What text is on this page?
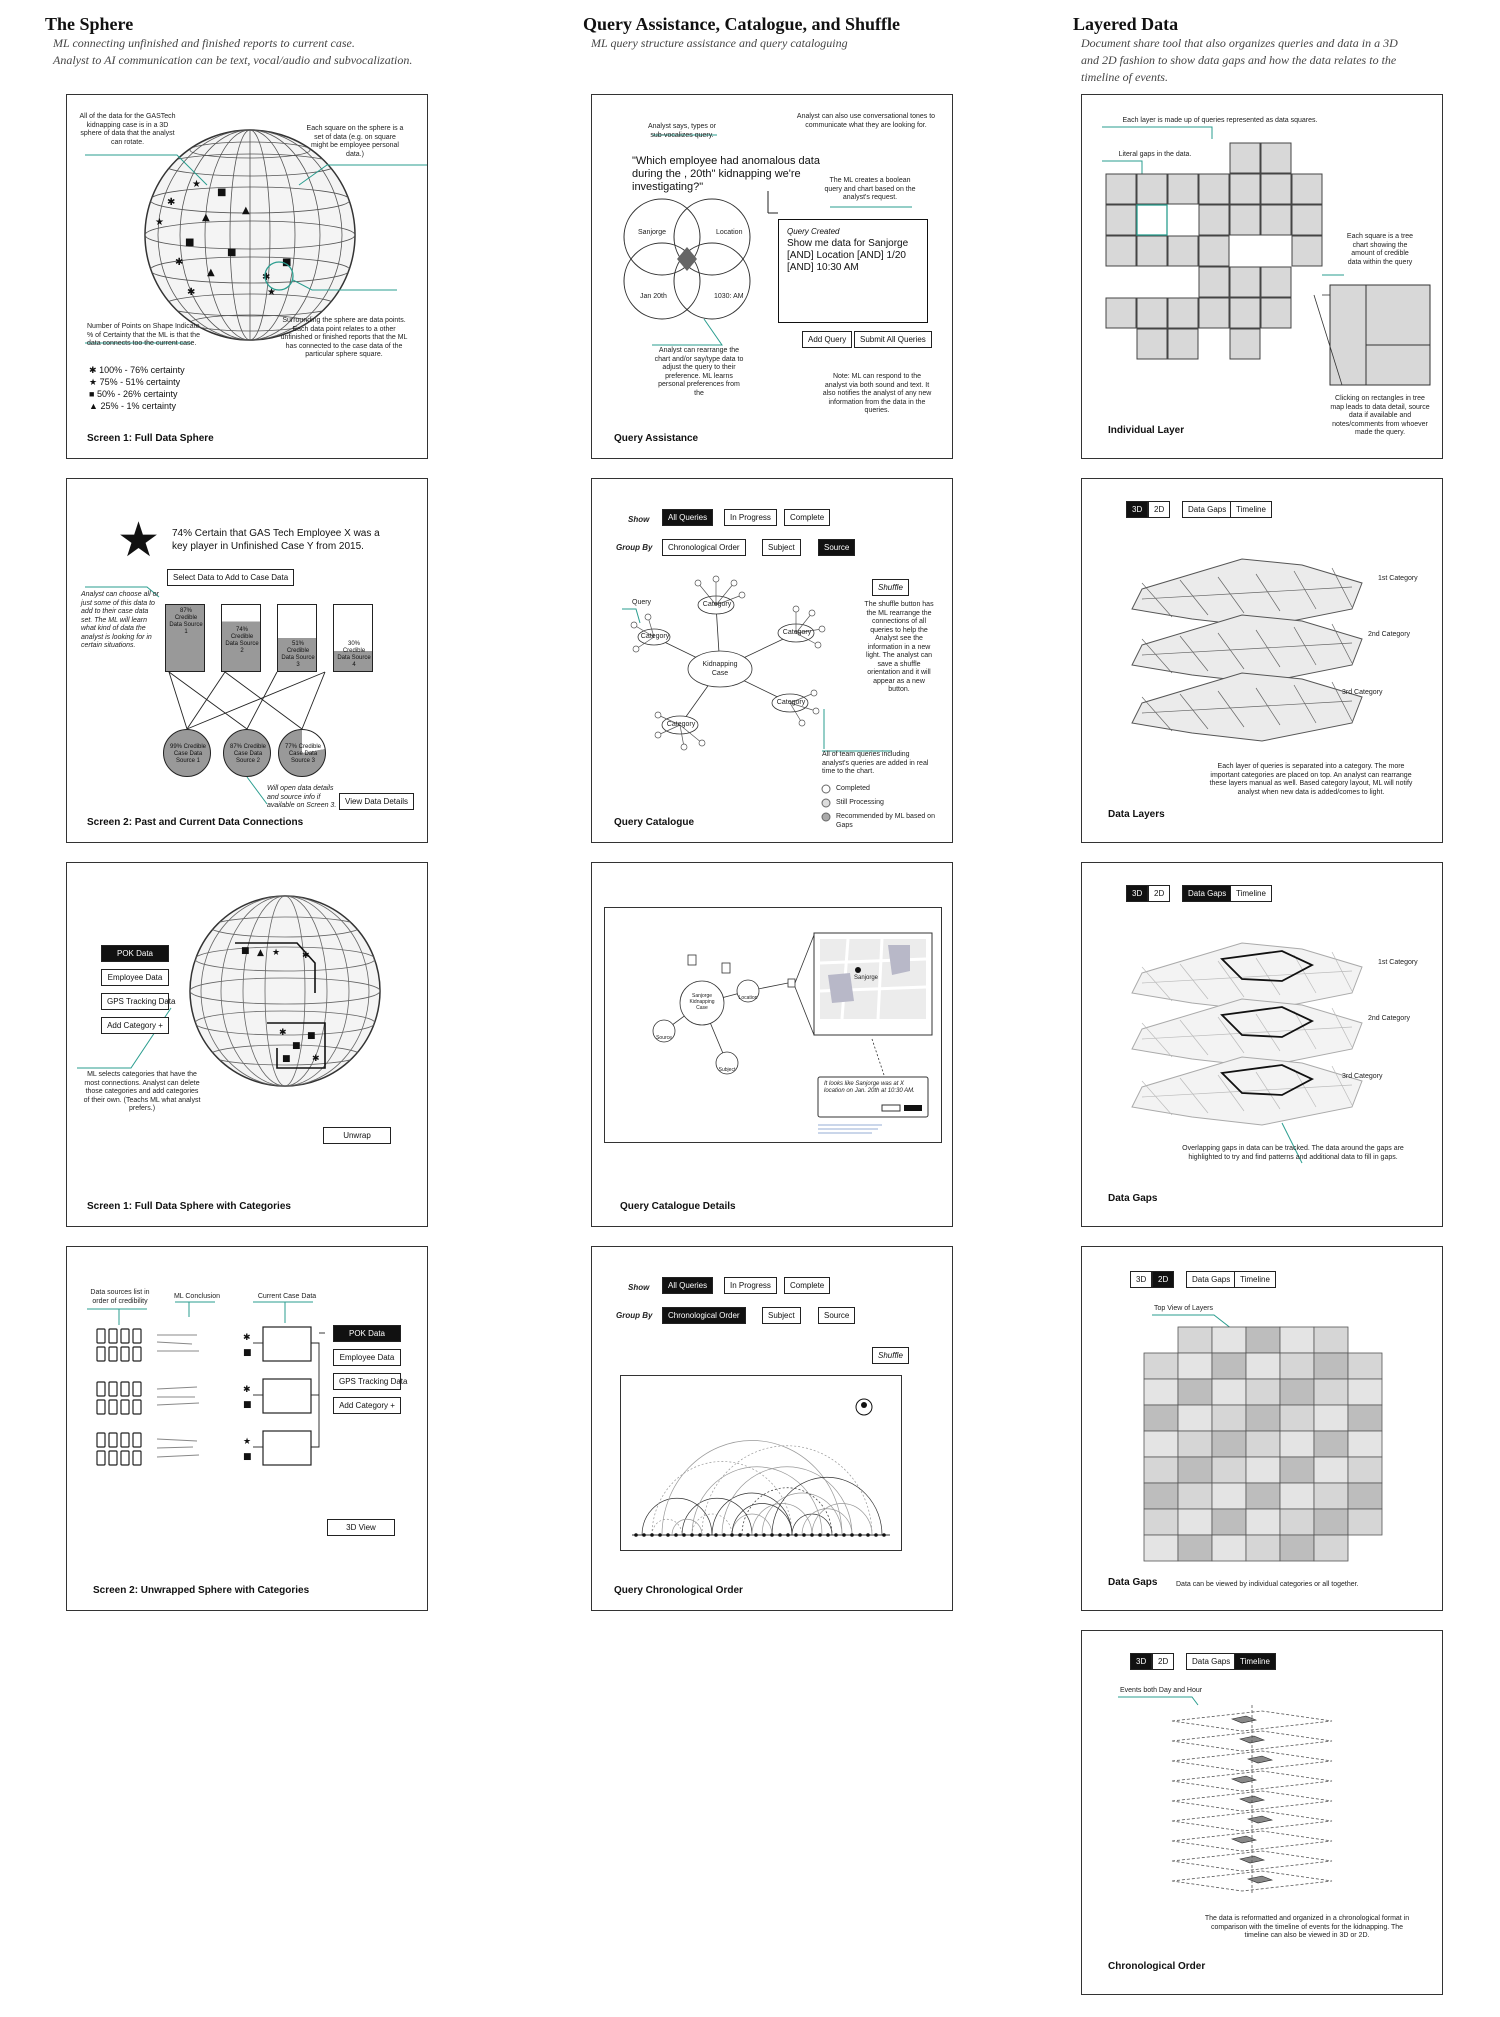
The Sphere
ML connecting unfinished and finished reports to current case.
Analyst to AI communication can be text, vocal/audio and subvocalization.
Query Assistance, Catalogue, and Shuffle
ML query structure assistance and query cataloguing
Layered Data
Document share tool that also organizes queries and data in a 3D
and 2D fashion to show data gaps and how the data relates to the
timeline of events.
✱
★
■
✱
▲
■
★
■
▲	✱
★
■
✱
▲
All of the data for the GASTech kidnapping case is in a 3D sphere of data that the analyst can rotate.
Each square on the sphere is a set of data (e.g. on square might be employee personal data.)
Surrounding the sphere are data points. Each data point relates to a other unfinished or finished reports that the ML has connected to the case data of the particular sphere square.
Number of Points on Shape Indicate % of Certainty that the ML is that the data connects too the current case.
✱ 100% - 76% certainty
★ 75% - 51% certainty
■ 50% - 26% certainty
▲ 25% - 1% certainty
Screen 1: Full Data Sphere
★ 74% Certain that GAS Tech Employee X was a key player in Unfinished Case Y from 2015.
Select Data to Add to Case Data
Analyst can choose all or just some of this data to add to their case data set. The ML will learn what kind of data the analyst is looking for in certain situations.
87% Credible Data Source 1	74% Credible Data Source 2
51% Credible Data Source 3
30% Credible Data Source 4
99% Credible Case Data Source 1
87% Credible Case Data Source 2
77% Credible Case Data Source 3
Will open data details and source info if available on Screen 3.	View Data Details
Screen 2: Past and Current Data Connections
■ ▲ ★ ✱
✱
■
■
■ ✱
POK Data
Employee Data
GPS Tracking Data
Add Category +
ML selects categories that have the most connections. Analyst can delete those categories and add categories of their own. (Teachs ML what analyst prefers.)
Unwrap
Screen 1: Full Data Sphere with Categories
✱
■
✱
■
★
■
Data sources list in order of credibility
ML Conclusion	Current Case Data
POK Data
Employee Data
GPS Tracking Data
Add Category +
3D View
Screen 2: Unwrapped Sphere with Categories
Analyst says, types or sub-vocalizes query.
Analyst can also use conversational tones to communicate what they are looking for.
"Which employee had anomalous data during the , 20th" kidnapping we're investigating?"
The ML creates a boolean query and chart based on the analyst's request.
Sanjorge	Location
Jan 20th	1030: AM
Query Created
Show me data for Sanjorge
[AND] Location [AND] 1/20
[AND] 10:30 AM
Add Query	Submit All Queries
Analyst can rearrange the chart and/or say/type data to adjust the query to their preference. ML learns personal preferences from the
Note: ML can respond to the analyst via both sound and text. It also notifies the analyst of any new information from the data in the queries.
Query Assistance
Show	All Queries	In Progress	Complete
Group By	Chronological Order	Subject	Source
Shuffle
The shuffle button has the ML rearrange the connections of all queries to help the Analyst see the information in a new light. The analyst can save a shuffle orientation and it will appear as a new button.
Query
Kidnapping Case
Category
Category
Category
Category
Category
All of team queries including analyst's queries are added in real time to the chart.
Completed
Still Processing
Recommended by ML based on Gaps
Query Catalogue
Sanjorge Kidnapping Case
Source
Subject
Location
Sanjorge
It looks like Sanjorge was at X location on Jan. 20th at 10:30 AM.
Query Catalogue Details
Show	All Queries	In Progress	Complete
Group By	Chronological Order	Subject	Source
Shuffle
Query Chronological Order
Each layer is made up of queries represented as data squares.
Literal gaps in the data.
Each square is a tree chart showing the amount of credible data within the query
Clicking on rectangles in tree map leads to data detail, source data if available and notes/comments from whoever made the query.
Individual Layer
3D	2D	Data Gaps	Timeline
1st Category
2nd Category
3rd Category
Each layer of queries is separated into a category. The more important categories are placed on top. An analyst can rearrange these layers manual as well. Based category layout, ML will notify analyst when new data is added/comes to light.
Data Layers
3D	2D	Data Gaps	Timeline
1st Category
2nd Category
3rd Category
Overlapping gaps in data can be tracked. The data around the gaps are highlighted to try and find patterns and additional data to fill in gaps.
Data Gaps
3D	2D	Data Gaps	Timeline
Top View of Layers
Data Gaps	Data can be viewed by individual categories or all together.
3D	2D	Data Gaps	Timeline
Events both Day and Hour
The data is reformatted and organized in a chronological format in comparison with the timeline of events for the kidnapping. The timeline can also be viewed in 3D or 2D.
Chronological Order
